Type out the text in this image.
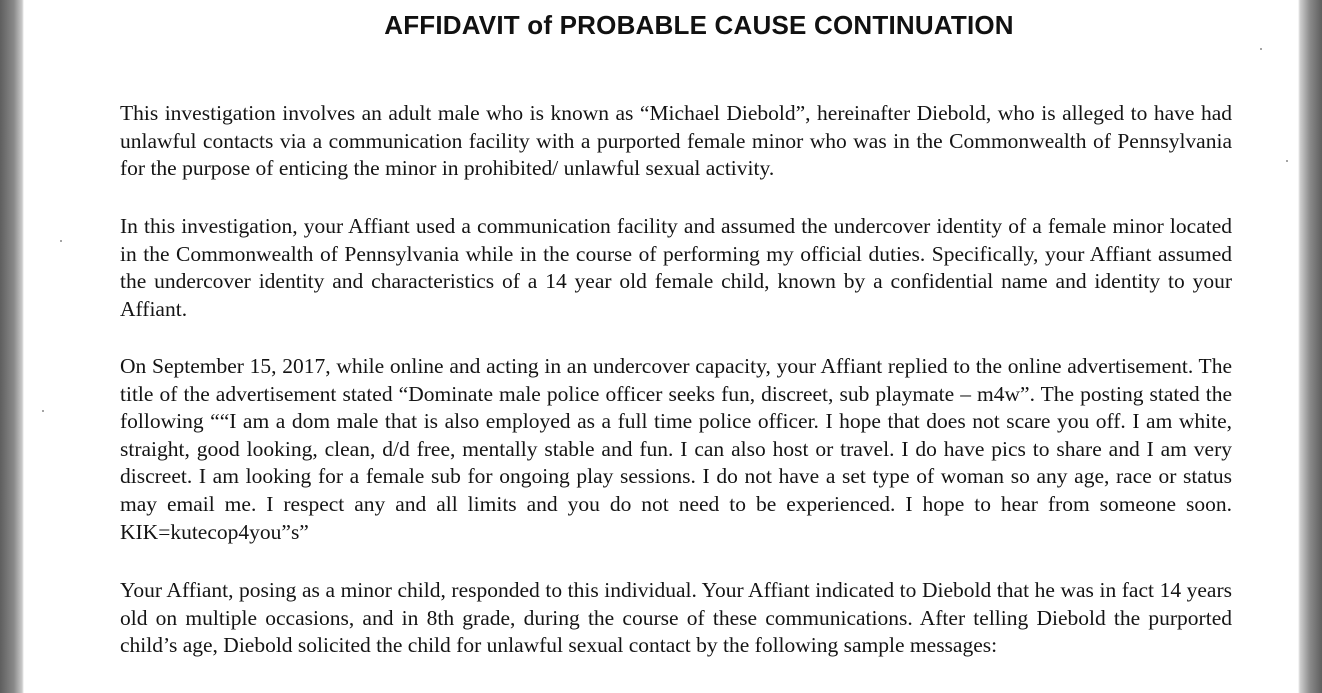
AFFIDAVIT of PROBABLE CAUSE CONTINUATION

This investigation involves an adult male who is known as “Michael Diebold”, hereinafter Diebold, who is alleged to have had unlawful contacts via a communication facility with a purported female minor who was in the Commonwealth of Pennsylvania for the purpose of enticing the minor in prohibited/ unlawful sexual activity.

In this investigation, your Affiant used a communication facility and assumed the undercover identity of a female minor located in the Commonwealth of Pennsylvania while in the course of performing my official duties. Specifically, your Affiant assumed the undercover identity and characteristics of a 14 year old female child, known by a confidential name and identity to your Affiant.

On September 15, 2017, while online and acting in an undercover capacity, your Affiant replied to the online advertisement. The title of the advertisement stated “Dominate male police officer seeks fun, discreet, sub playmate – m4w”. The posting stated the following ““I am a dom male that is also employed as a full time police officer. I hope that does not scare you off. I am white, straight, good looking, clean, d/d free, mentally stable and fun. I can also host or travel. I do have pics to share and I am very discreet. I am looking for a female sub for ongoing play sessions. I do not have a set type of woman so any age, race or status may email me. I respect any and all limits and you do not need to be experienced. I hope to hear from someone soon. KIK=kutecop4you”s”

Your Affiant, posing as a minor child, responded to this individual. Your Affiant indicated to Diebold that he was in fact 14 years old on multiple occasions, and in 8th grade, during the course of these communications. After telling Diebold the purported child’s age, Diebold solicited the child for unlawful sexual contact by the following sample messages:
